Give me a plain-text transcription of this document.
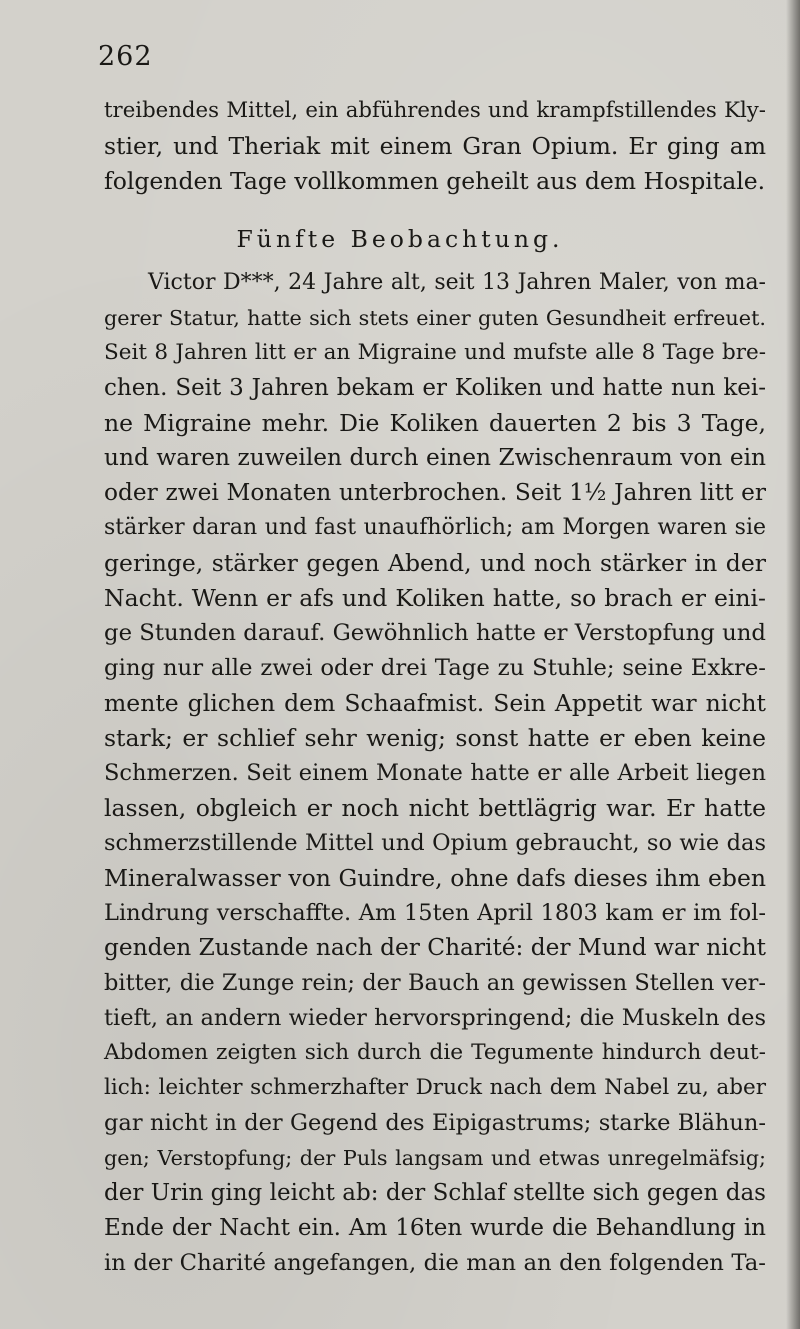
262
treibendes Mittel, ein abführendes und krampfstillendes Kly-
stier, und Theriak mit einem Gran Opium. Er ging am
folgenden Tage vollkommen geheilt aus dem Hospitale.
Fünfte Beobachtung.
Victor D***, 24 Jahre alt, seit 13 Jahren Maler, von ma-
gerer Statur, hatte sich stets einer guten Gesundheit erfreuet.
Seit 8 Jahren litt er an Migraine und mufste alle 8 Tage bre-
chen. Seit 3 Jahren bekam er Koliken und hatte nun kei-
ne Migraine mehr. Die Koliken dauerten 2 bis 3 Tage,
und waren zuweilen durch einen Zwischenraum von ein
oder zwei Monaten unterbrochen. Seit 1½ Jahren litt er
stärker daran und fast unaufhörlich; am Morgen waren sie
geringe, stärker gegen Abend, und noch stärker in der
Nacht. Wenn er afs und Koliken hatte, so brach er eini-
ge Stunden darauf. Gewöhnlich hatte er Verstopfung und
ging nur alle zwei oder drei Tage zu Stuhle; seine Exkre-
mente glichen dem Schaafmist. Sein Appetit war nicht
stark; er schlief sehr wenig; sonst hatte er eben keine
Schmerzen. Seit einem Monate hatte er alle Arbeit liegen
lassen, obgleich er noch nicht bettlägrig war. Er hatte
schmerzstillende Mittel und Opium gebraucht, so wie das
Mineralwasser von Guindre, ohne dafs dieses ihm eben
Lindrung verschaffte. Am 15ten April 1803 kam er im fol-
genden Zustande nach der Charité: der Mund war nicht
bitter, die Zunge rein; der Bauch an gewissen Stellen ver-
tieft, an andern wieder hervorspringend; die Muskeln des
Abdomen zeigten sich durch die Tegumente hindurch deut-
lich: leichter schmerzhafter Druck nach dem Nabel zu, aber
gar nicht in der Gegend des Eipigastrums; starke Blähun-
gen; Verstopfung; der Puls langsam und etwas unregelmäfsig;
der Urin ging leicht ab: der Schlaf stellte sich gegen das
Ende der Nacht ein. Am 16ten wurde die Behandlung in
in der Charité angefangen, die man an den folgenden Ta-
